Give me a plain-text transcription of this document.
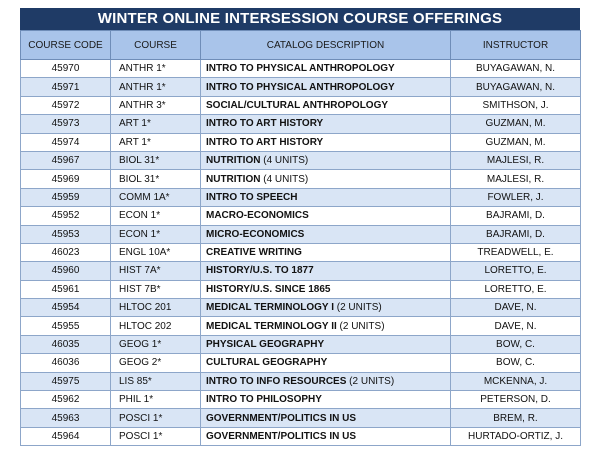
WINTER ONLINE INTERSESSION COURSE OFFERINGS
COURSE CODE	COURSE	CATALOG DESCRIPTION	INSTRUCTOR
45970	ANTHR 1*	INTRO TO PHYSICAL ANTHROPOLOGY	BUYAGAWAN, N.
45971	ANTHR 1*	INTRO TO PHYSICAL ANTHROPOLOGY	BUYAGAWAN, N.
45972	ANTHR 3*	SOCIAL/CULTURAL ANTHROPOLOGY	SMITHSON, J.
45973	ART 1*	INTRO TO ART HISTORY	GUZMAN, M.
45974	ART 1*	INTRO TO ART HISTORY	GUZMAN, M.
45967	BIOL 31*	NUTRITION (4 UNITS)	MAJLESI, R.
45969	BIOL 31*	NUTRITION (4 UNITS)	MAJLESI, R.
45959	COMM 1A*	INTRO TO SPEECH	FOWLER, J.
45952	ECON 1*	MACRO-ECONOMICS	BAJRAMI, D.
45953	ECON 1*	MICRO-ECONOMICS	BAJRAMI, D.
46023	ENGL 10A*	CREATIVE WRITING	TREADWELL, E.
45960	HIST 7A*	HISTORY/U.S. TO 1877	LORETTO, E.
45961	HIST 7B*	HISTORY/U.S. SINCE 1865	LORETTO, E.
45954	HLTOC 201	MEDICAL TERMINOLOGY I (2 UNITS)	DAVE, N.
45955	HLTOC 202	MEDICAL TERMINOLOGY II (2 UNITS)	DAVE, N.
46035	GEOG 1*	PHYSICAL GEOGRAPHY	BOW, C.
46036	GEOG 2*	CULTURAL GEOGRAPHY	BOW, C.
45975	LIS 85*	INTRO TO INFO RESOURCES (2 UNITS)	MCKENNA, J.
45962	PHIL 1*	INTRO TO PHILOSOPHY	PETERSON, D.
45963	POSCI 1*	GOVERNMENT/POLITICS IN US	BREM, R.
45964	POSCI 1*	GOVERNMENT/POLITICS IN US	HURTADO-ORTIZ, J.
